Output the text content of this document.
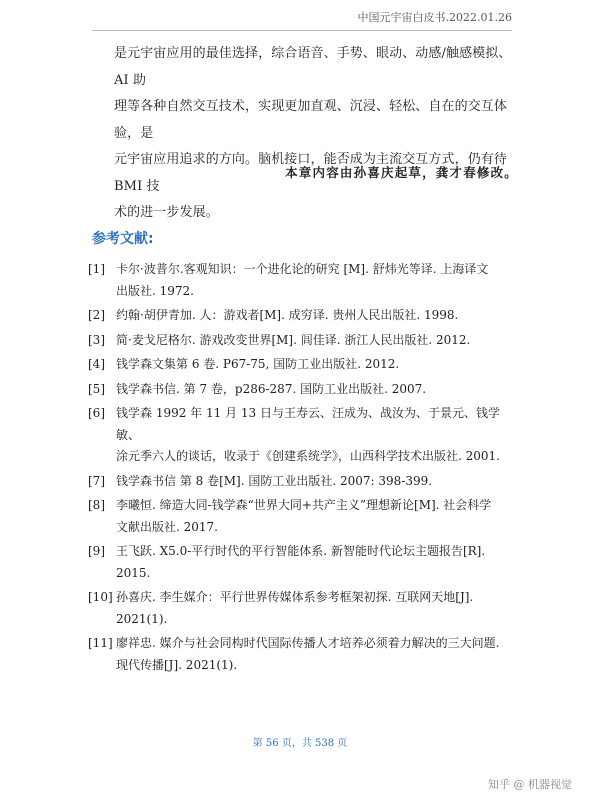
中国元宇宙白皮书.2022.01.26

是元宇宙应用的最佳选择，综合语音、手势、眼动、动感/触感模拟、AI 助

理等各种自然交互技术，实现更加直观、沉浸、轻松、自在的交互体验，是

元宇宙应用追求的方向。脑机接口，能否成为主流交互方式，仍有待 BMI 技

术的进一步发展。

本章内容由孙喜庆起草，龚才春修改。
参考文献:
[1] 卡尔·波普尔.客观知识：一个进化论的研究 [M]. 舒炜光等译. 上海译文
出版社. 1972.
[2] 约翰·胡伊青加. 人：游戏者[M]. 成穷译. 贵州人民出版社. 1998.
[3] 简·麦戈尼格尔. 游戏改变世界[M]. 闾佳译. 浙江人民出版社. 2012.
[4] 钱学森文集第 6 卷. P67-75, 国防工业出版社. 2012.
[5] 钱学森书信. 第 7 卷，p286-287. 国防工业出版社. 2007.
[6] 钱学森 1992 年 11 月 13 日与王寿云、汪成为、战汝为、于景元、钱学敏、
涂元季六人的谈话，收录于《创建系统学》，山西科学技术出版社. 2001.
[7] 钱学森书信 第 8 卷[M]. 国防工业出版社. 2007: 398-399.
[8] 李曦恒. 缔造大同-钱学森“世界大同+共产主义”理想新论[M]. 社会科学
文献出版社. 2017.
[9] 王飞跃. X5.0-平行时代的平行智能体系. 新智能时代论坛主题报告[R].
2015.
[10] 孙喜庆. 李生媒介：平行世界传媒体系参考框架初探. 互联网天地[J].
2021(1).
[11] 廖祥忠. 媒介与社会同构时代国际传播人才培养必须着力解决的三大问题.
现代传播[J]. 2021(1).
第 56 页，共 538 页
知乎 @ 机器视觉
